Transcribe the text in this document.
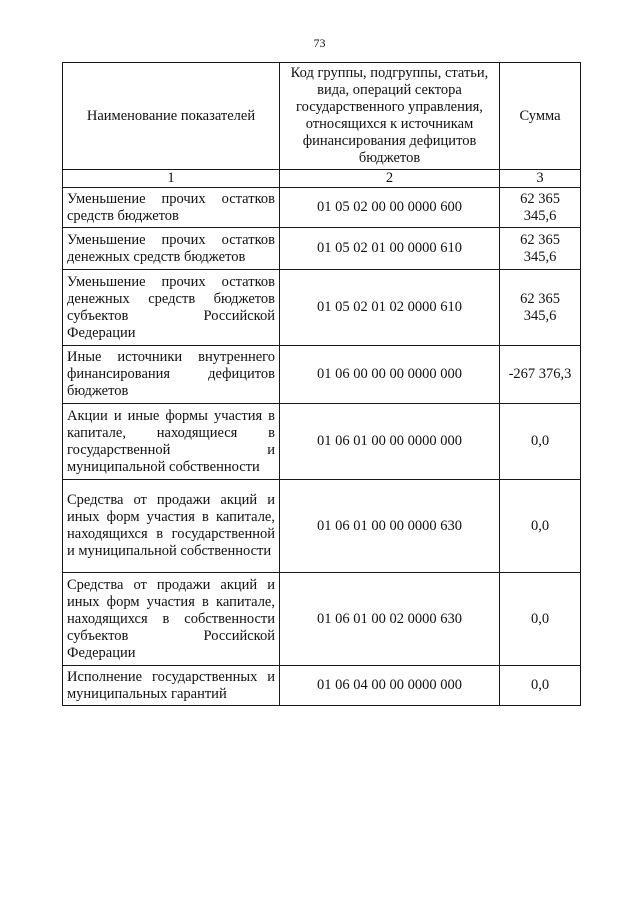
73
Наименование показателей	Код группы, подгруппы, статьи, вида, операций сектора государственного управления, относящихся к источникам финансирования дефицитов бюджетов	Сумма
1	2	3
Уменьшение прочих остатков средств бюджетов	01 05 02 00 00 0000 600	62 365 345,6
Уменьшение прочих остатков денежных средств бюджетов	01 05 02 01 00 0000 610	62 365 345,6
Уменьшение прочих остатков денежных средств бюджетов субъектов Российской Федерации	01 05 02 01 02 0000 610	62 365 345,6
Иные источники внутреннего финансирования дефицитов бюджетов	01 06 00 00 00 0000 000	-267 376,3
Акции и иные формы участия в капитале, находящиеся в государственной и муниципальной собственности	01 06 01 00 00 0000 000	0,0
Средства от продажи акций и иных форм участия в капитале, находящихся в государственной и муниципальной собственности	01 06 01 00 00 0000 630	0,0
Средства от продажи акций и иных форм участия в капитале, находящихся в собственности субъектов Российской Федерации	01 06 01 00 02 0000 630	0,0
Исполнение государственных и муниципальных гарантий	01 06 04 00 00 0000 000	0,0
